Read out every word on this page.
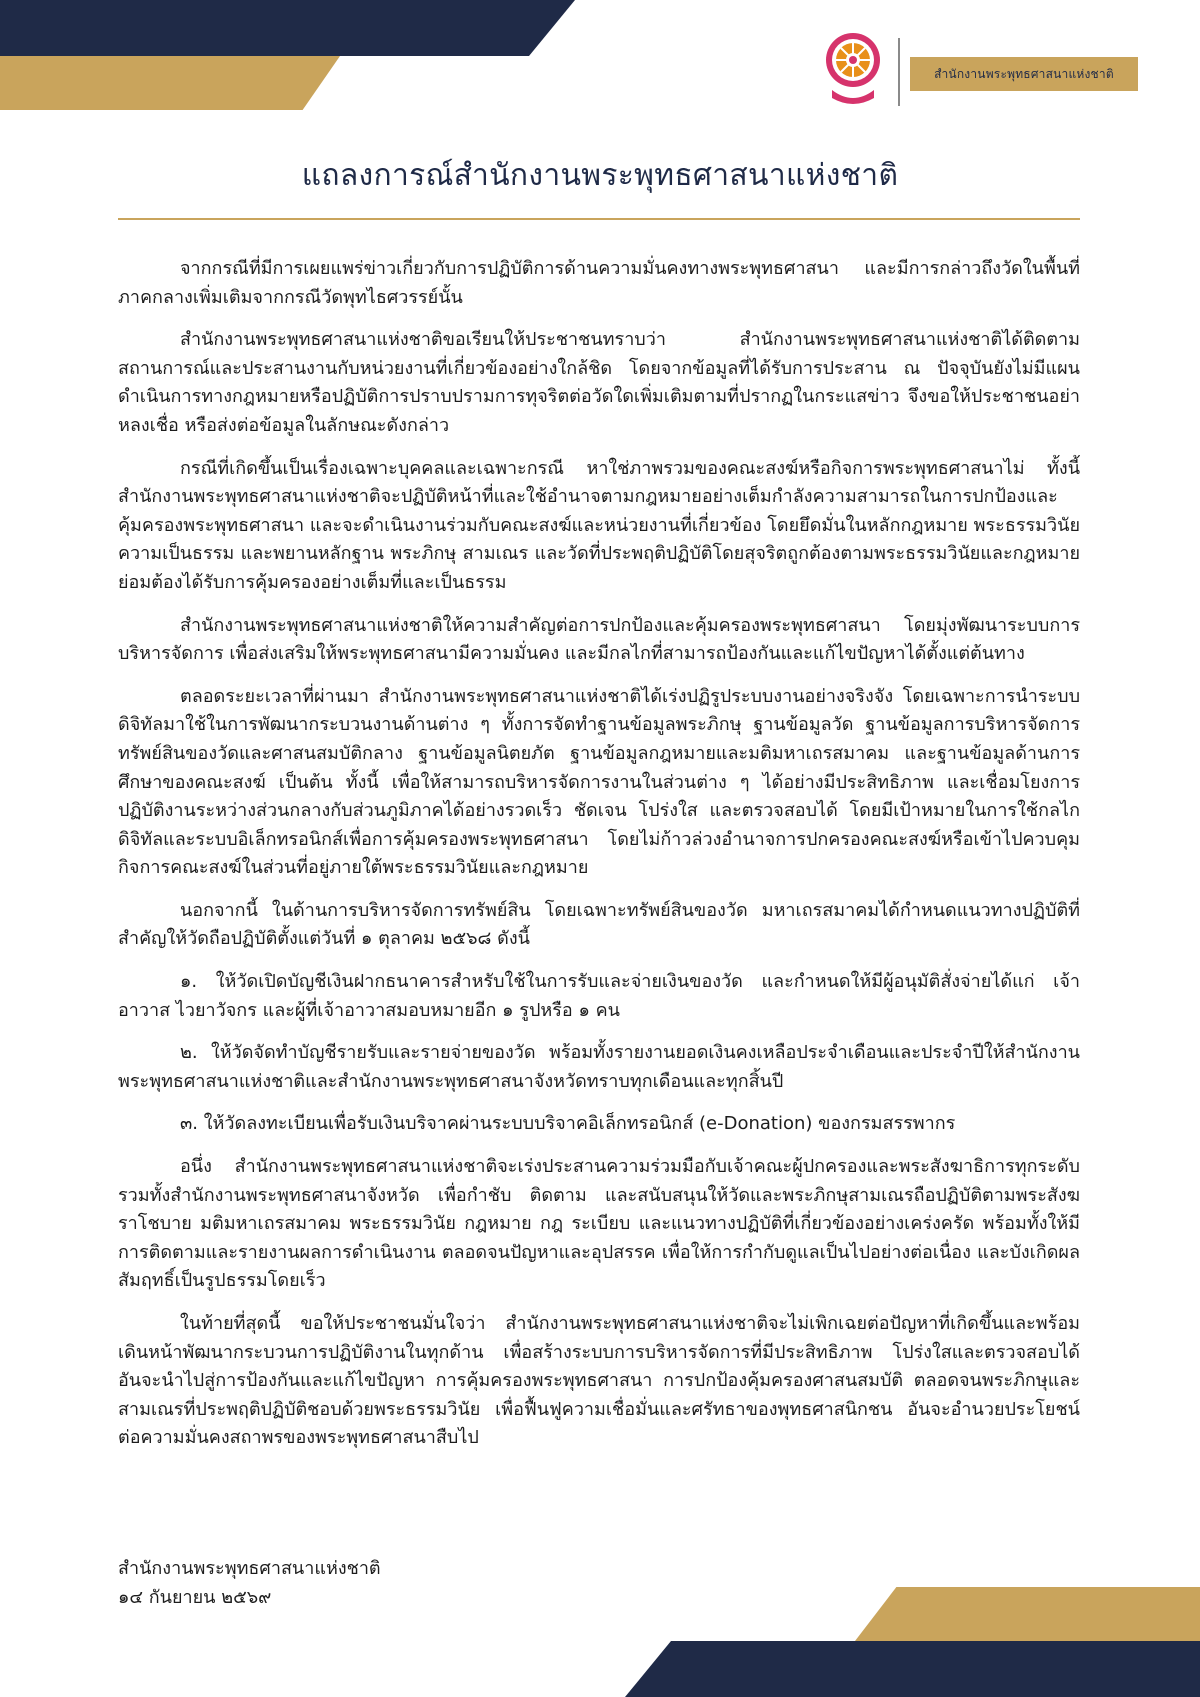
สำนักงานพระพุทธศาสนาแห่งชาติ
แถลงการณ์สำนักงานพระพุทธศาสนาแห่งชาติ

จากกรณีที่มีการเผยแพร่ข่าวเกี่ยวกับการปฏิบัติการด้านความมั่นคงทางพระพุทธศาสนา และมีการกล่าวถึงวัดในพื้นที่ภาคกลางเพิ่มเติมจากกรณีวัดพุทไธศวรรย์นั้น

สำนักงานพระพุทธศาสนาแห่งชาติขอเรียนให้ประชาชนทราบว่า สำนักงานพระพุทธศาสนาแห่งชาติได้ติดตามสถานการณ์และประสานงานกับหน่วยงานที่เกี่ยวข้องอย่างใกล้ชิด โดยจากข้อมูลที่ได้รับการประสาน ณ ปัจจุบันยังไม่มีแผนดำเนินการทางกฎหมายหรือปฏิบัติการปราบปรามการทุจริตต่อวัดใดเพิ่มเติมตามที่ปรากฏในกระแสข่าว จึงขอให้ประชาชนอย่าหลงเชื่อ หรือส่งต่อข้อมูลในลักษณะดังกล่าว

กรณีที่เกิดขึ้นเป็นเรื่องเฉพาะบุคคลและเฉพาะกรณี หาใช่ภาพรวมของคณะสงฆ์หรือกิจการพระพุทธศาสนาไม่ ทั้งนี้ สำนักงานพระพุทธศาสนาแห่งชาติจะปฏิบัติหน้าที่และใช้อำนาจตามกฎหมายอย่างเต็มกำลังความสามารถในการปกป้องและคุ้มครองพระพุทธศาสนา และจะดำเนินงานร่วมกับคณะสงฆ์และหน่วยงานที่เกี่ยวข้อง โดยยึดมั่นในหลักกฎหมาย พระธรรมวินัย ความเป็นธรรม และพยานหลักฐาน พระภิกษุ สามเณร และวัดที่ประพฤติปฏิบัติโดยสุจริตถูกต้องตามพระธรรมวินัยและกฎหมาย ย่อมต้องได้รับการคุ้มครองอย่างเต็มที่และเป็นธรรม

สำนักงานพระพุทธศาสนาแห่งชาติให้ความสำคัญต่อการปกป้องและคุ้มครองพระพุทธศาสนา โดยมุ่งพัฒนาระบบการบริหารจัดการ เพื่อส่งเสริมให้พระพุทธศาสนามีความมั่นคง และมีกลไกที่สามารถป้องกันและแก้ไขปัญหาได้ตั้งแต่ต้นทาง

ตลอดระยะเวลาที่ผ่านมา สำนักงานพระพุทธศาสนาแห่งชาติได้เร่งปฏิรูประบบงานอย่างจริงจัง โดยเฉพาะการนำระบบดิจิทัลมาใช้ในการพัฒนากระบวนงานด้านต่าง ๆ ทั้งการจัดทำฐานข้อมูลพระภิกษุ ฐานข้อมูลวัด ฐานข้อมูลการบริหารจัดการทรัพย์สินของวัดและศาสนสมบัติกลาง ฐานข้อมูลนิตยภัต ฐานข้อมูลกฎหมายและมติมหาเถรสมาคม และฐานข้อมูลด้านการศึกษาของคณะสงฆ์ เป็นต้น ทั้งนี้ เพื่อให้สามารถบริหารจัดการงานในส่วนต่าง ๆ ได้อย่างมีประสิทธิภาพ และเชื่อมโยงการปฏิบัติงานระหว่างส่วนกลางกับส่วนภูมิภาคได้อย่างรวดเร็ว ชัดเจน โปร่งใส และตรวจสอบได้ โดยมีเป้าหมายในการใช้กลไกดิจิทัลและระบบอิเล็กทรอนิกส์เพื่อการคุ้มครองพระพุทธศาสนา โดยไม่ก้าวล่วงอำนาจการปกครองคณะสงฆ์หรือเข้าไปควบคุมกิจการคณะสงฆ์ในส่วนที่อยู่ภายใต้พระธรรมวินัยและกฎหมาย

นอกจากนี้ ในด้านการบริหารจัดการทรัพย์สิน โดยเฉพาะทรัพย์สินของวัด มหาเถรสมาคมได้กำหนดแนวทางปฏิบัติที่สำคัญให้วัดถือปฏิบัติตั้งแต่วันที่ ๑ ตุลาคม ๒๕๖๘ ดังนี้

๑. ให้วัดเปิดบัญชีเงินฝากธนาคารสำหรับใช้ในการรับและจ่ายเงินของวัด และกำหนดให้มีผู้อนุมัติสั่งจ่ายได้แก่ เจ้าอาวาส ไวยาวัจกร และผู้ที่เจ้าอาวาสมอบหมายอีก ๑ รูปหรือ ๑ คน

๒. ให้วัดจัดทำบัญชีรายรับและรายจ่ายของวัด พร้อมทั้งรายงานยอดเงินคงเหลือประจำเดือนและประจำปีให้สำนักงานพระพุทธศาสนาแห่งชาติและสำนักงานพระพุทธศาสนาจังหวัดทราบทุกเดือนและทุกสิ้นปี

๓. ให้วัดลงทะเบียนเพื่อรับเงินบริจาคผ่านระบบบริจาคอิเล็กทรอนิกส์ (e-Donation) ของกรมสรรพากร

อนึ่ง สำนักงานพระพุทธศาสนาแห่งชาติจะเร่งประสานความร่วมมือกับเจ้าคณะผู้ปกครองและพระสังฆาธิการทุกระดับ รวมทั้งสำนักงานพระพุทธศาสนาจังหวัด เพื่อกำชับ ติดตาม และสนับสนุนให้วัดและพระภิกษุสามเณรถือปฏิบัติตามพระสังฆราโชบาย มติมหาเถรสมาคม พระธรรมวินัย กฎหมาย กฎ ระเบียบ และแนวทางปฏิบัติที่เกี่ยวข้องอย่างเคร่งครัด พร้อมทั้งให้มีการติดตามและรายงานผลการดำเนินงาน ตลอดจนปัญหาและอุปสรรค เพื่อให้การกำกับดูแลเป็นไปอย่างต่อเนื่อง และบังเกิดผลสัมฤทธิ์เป็นรูปธรรมโดยเร็ว

ในท้ายที่สุดนี้ ขอให้ประชาชนมั่นใจว่า สำนักงานพระพุทธศาสนาแห่งชาติจะไม่เพิกเฉยต่อปัญหาที่เกิดขึ้นและพร้อมเดินหน้าพัฒนากระบวนการปฏิบัติงานในทุกด้าน เพื่อสร้างระบบการบริหารจัดการที่มีประสิทธิภาพ โปร่งใสและตรวจสอบได้ อันจะนำไปสู่การป้องกันและแก้ไขปัญหา การคุ้มครองพระพุทธศาสนา การปกป้องคุ้มครองศาสนสมบัติ ตลอดจนพระภิกษุและสามเณรที่ประพฤติปฏิบัติชอบด้วยพระธรรมวินัย เพื่อฟื้นฟูความเชื่อมั่นและศรัทธาของพุทธศาสนิกชน อันจะอำนวยประโยชน์ต่อความมั่นคงสถาพรของพระพุทธศาสนาสืบไป

สำนักงานพระพุทธศาสนาแห่งชาติ
๑๔ กันยายน ๒๕๖๙
